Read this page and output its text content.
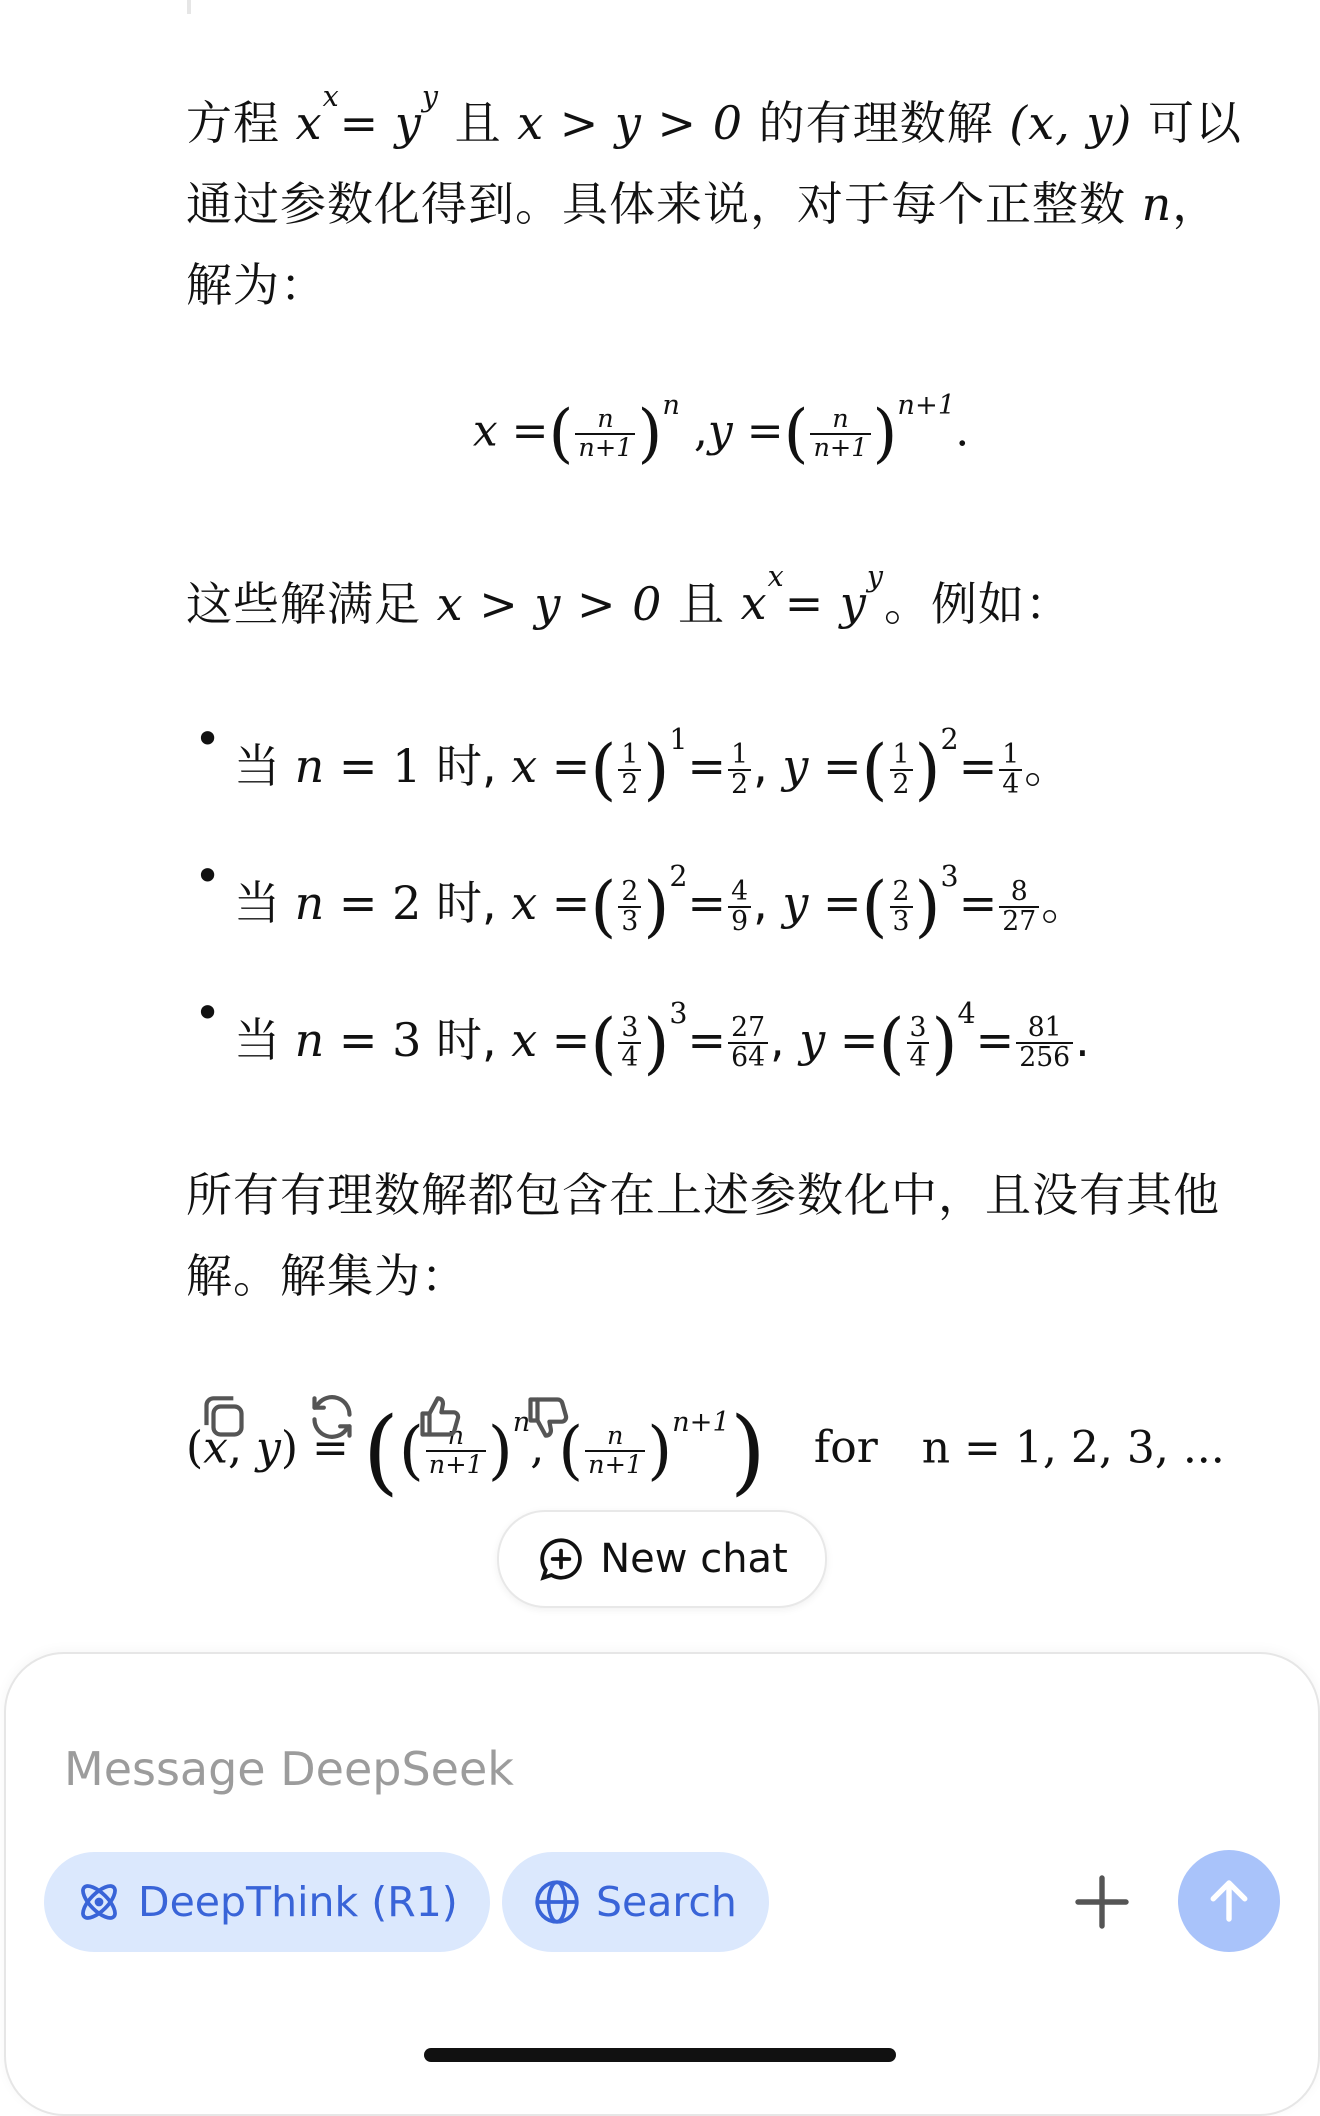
方程 $x^x= y^y$ 且 x > y > 0 的有理数解 (x, y) 可以通过参数化得到。具体来说，对于每个正整数 n，解为：

x =( $\frac{n}{n+1} )^n$ ,y =( $\frac{n}{n+1} )^{n+1}$.

这些解满足 x > y > 0 且 $x^x= y^y$。例如：

• 当 n = 1 时, x =( $\frac{1}{2} )^1= \frac{1}{2}$ , y =( $\frac{1}{2} )^2= \frac{1}{4}$ 。
• 当 n = 2 时, x =( $\frac{2}{3} )^2= \frac{4}{9}$ , y =( $\frac{2}{3} )^3= \frac{8}{27}$ 。
• 当 n = 3 时, x =( $\frac{3}{4} )^3= \frac{27}{64}$ , y =( $\frac{3}{4} )^4= \frac{81}{256}$ .

所有有理数解都包含在上述参数化中，且没有其他解。解集为：

(x, y) = (( $\frac{n}{n+1} )^n$, ( $\frac{n}{n+1} )^{n+1}$) for n = 1, 2, 3, ...
New chat
Message DeepSeek
DeepThink (R1)	Search
